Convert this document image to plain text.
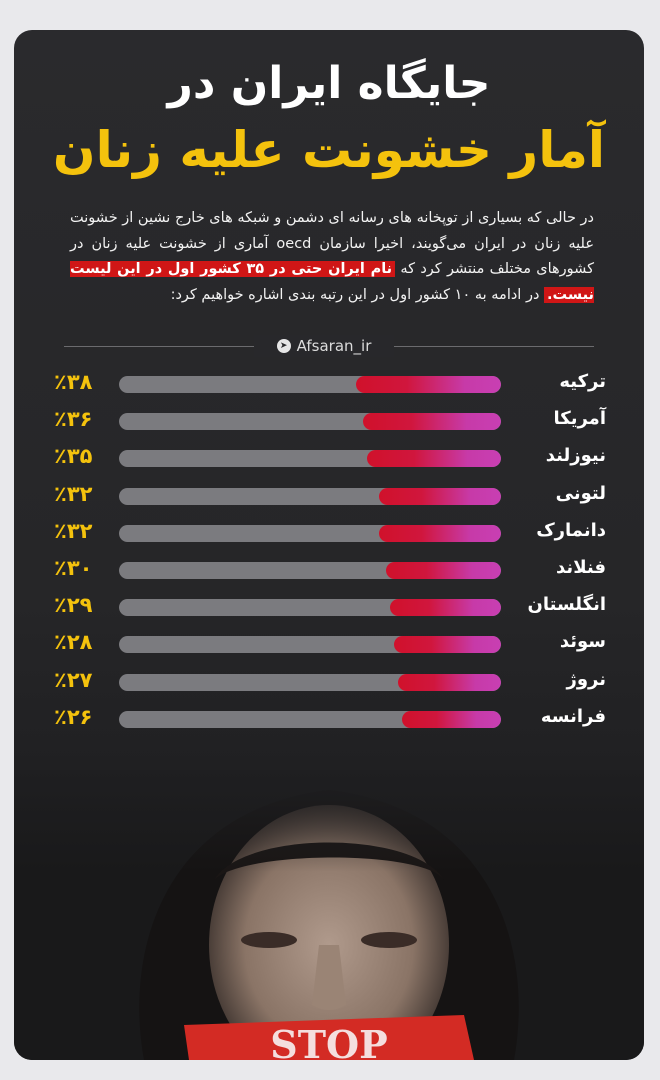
جایگاه ایران در
آمار خشونت علیه زنان
در حالی که بسیاری از توپخانه های رسانه ای دشمن و شبکه های خارج نشین از خشونت علیه زنان در ایران می‌گویند، اخیرا سازمان oecd آماری از خشونت علیه زنان در کشورهای مختلف منتشر کرد که نام ایران حتی در ۳۵ کشور اول در این لیست نیست. در ادامه به ۱۰ کشور اول در این رتبه بندی اشاره خواهیم کرد:
➤ Afsaran_ir
٪۳۸	ترکیه
٪۳۶	آمریکا
٪۳۵	نیوزلند
٪۳۲	لتونی
٪۳۲	دانمارک
٪۳۰	فنلاند
٪۲۹	انگلستان
٪۲۸	سوئد
٪۲۷	نروژ
٪۲۶	فرانسه
